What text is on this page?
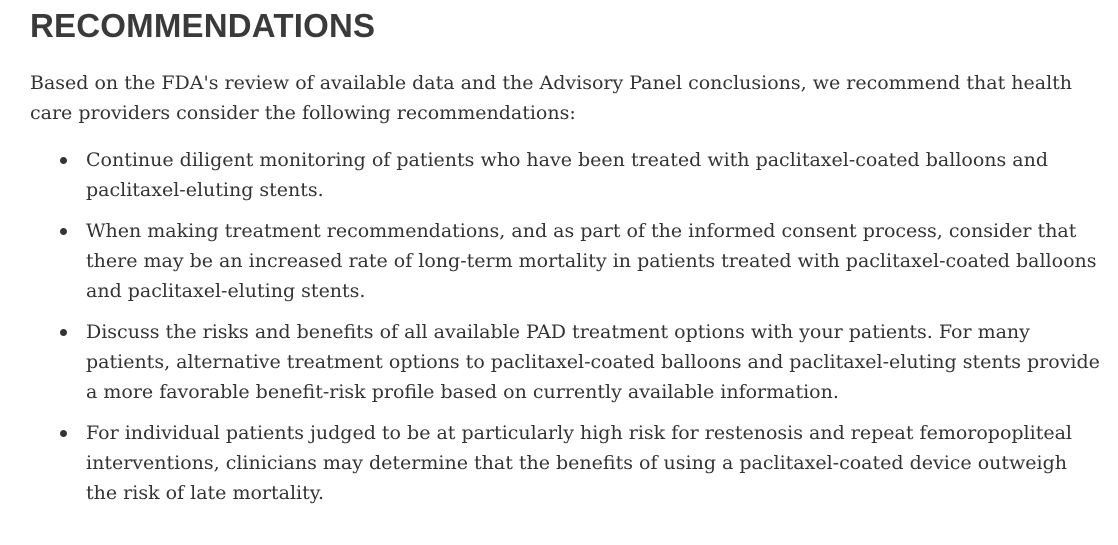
RECOMMENDATIONS

Based on the FDA's review of available data and the Advisory Panel conclusions, we recommend that health care providers consider the following recommendations:

Continue diligent monitoring of patients who have been treated with paclitaxel-coated balloons and paclitaxel-eluting stents.
When making treatment recommendations, and as part of the informed consent process, consider that there may be an increased rate of long-term mortality in patients treated with paclitaxel-coated balloons and paclitaxel-eluting stents.
Discuss the risks and benefits of all available PAD treatment options with your patients. For many patients, alternative treatment options to paclitaxel-coated balloons and paclitaxel-eluting stents provide a more favorable benefit-risk profile based on currently available information.
For individual patients judged to be at particularly high risk for restenosis and repeat femoropopliteal interventions, clinicians may determine that the benefits of using a paclitaxel-coated device outweigh the risk of late mortality.
